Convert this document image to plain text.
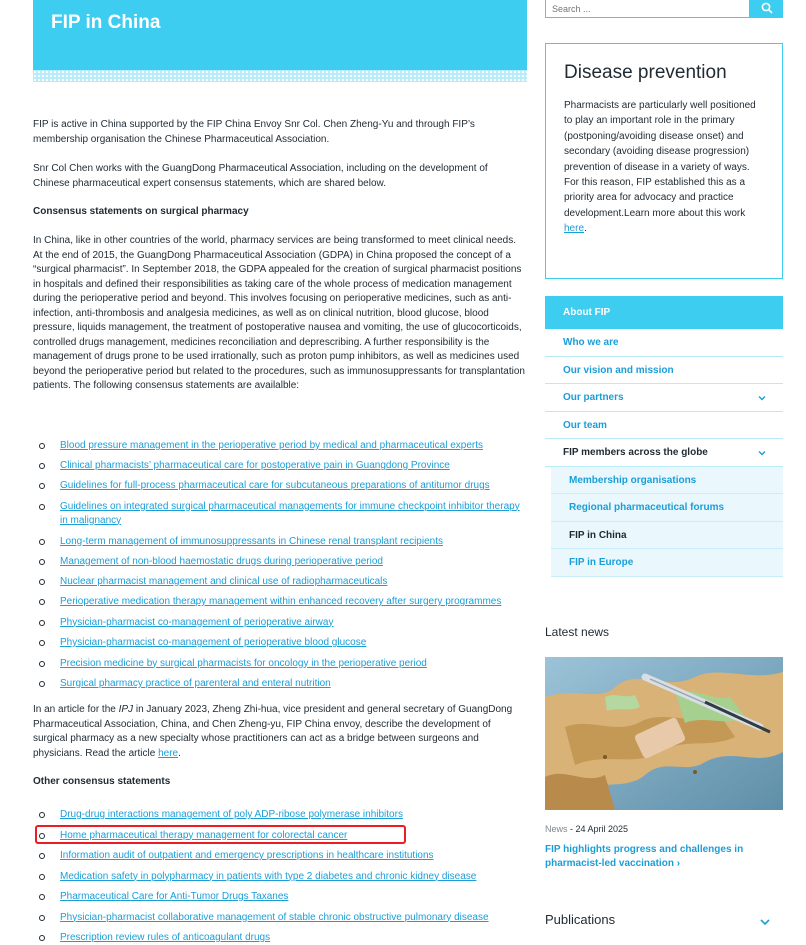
FIP in China

FIP is active in China supported by the FIP China Envoy Snr Col. Chen Zheng-Yu and through FIP’s membership organisation the Chinese Pharmaceutical Association.

Snr Col Chen works with the GuangDong Pharmaceutical Association, including on the development of Chinese pharmaceutical expert consensus statements, which are shared below.

Consensus statements on surgical pharmacy

In China, like in other countries of the world, pharmacy services are being transformed to meet clinical needs. At the end of 2015, the GuangDong Pharmaceutical Association (GDPA) in China proposed the concept of a “surgical pharmacist”. In September 2018, the GDPA appealed for the creation of surgical pharmacist positions in hospitals and defined their responsibilities as taking care of the whole process of medication management during the perioperative period and beyond. This involves focusing on perioperative medicines, such as anti-infection, anti-thrombosis and analgesia medicines, as well as on clinical nutrition, blood glucose, blood pressure, liquids management, the treatment of postoperative nausea and vomiting, the use of glucocorticoids, controlled drugs management, medicines reconciliation and deprescribing. A further responsibility is the management of drugs prone to be used irrationally, such as proton pump inhibitors, as well as medicines used beyond the perioperative period but related to the procedures, such as immunosuppressants for transplantation patients. The following consensus statements are availalble:

Blood pressure management in the perioperative period by medical and pharmaceutical experts
Clinical pharmacists’ pharmaceutical care for postoperative pain in Guangdong Province
Guidelines for full-process pharmaceutical care for subcutaneous preparations of antitumor drugs
Guidelines on integrated surgical pharmaceutical managements for immune checkpoint inhibitor therapy in malignancy
Long-term management of immunosuppressants in Chinese renal transplant recipients
Management of non-blood haemostatic drugs during perioperative period
Nuclear pharmacist management and clinical use of radiopharmaceuticals
Perioperative medication therapy management within enhanced recovery after surgery programmes
Physician-pharmacist co-management of perioperative airway
Physician-pharmacist co-management of perioperative blood glucose
Precision medicine by surgical pharmacists for oncology in the perioperative period
Surgical pharmacy practice of parenteral and enteral nutrition

In an article for the IPJ in January 2023, Zheng Zhi-hua, vice president and general secretary of GuangDong Pharmaceutical Association, China, and Chen Zheng-yu, FIP China envoy, describe the development of surgical pharmacy as a new specialty whose practitioners can act as a bridge between surgeons and physicians. Read the article here.

Other consensus statements

Drug-drug interactions management of poly ADP-ribose polymerase inhibitors
Home pharmaceutical therapy management for colorectal cancer
Information audit of outpatient and emergency prescriptions in healthcare institutions
Medication safety in polypharmacy in patients with type 2 diabetes and chronic kidney disease
Pharmaceutical Care for Anti-Tumor Drugs Taxanes
Physician-pharmacist collaborative management of stable chronic obstructive pulmonary disease
Prescription review rules of anticoagulant drugs
Search ...
Disease prevention

Pharmacists are particularly well positioned to play an important role in the primary (postponing/avoiding disease onset) and secondary (avoiding disease progression) prevention of disease in a variety of ways. For this reason, FIP established this as a priority area for advocacy and practice development.Learn more about this work here.

About FIP
Who we are
Our vision and mission
Our partners
Our team
FIP members across the globe
Membership organisations
Regional pharmaceutical forums
FIP in China
FIP in Europe
Latest news
News - 24 April 2025

FIP highlights progress and challenges in pharmacist-led vaccination ›

Publications
